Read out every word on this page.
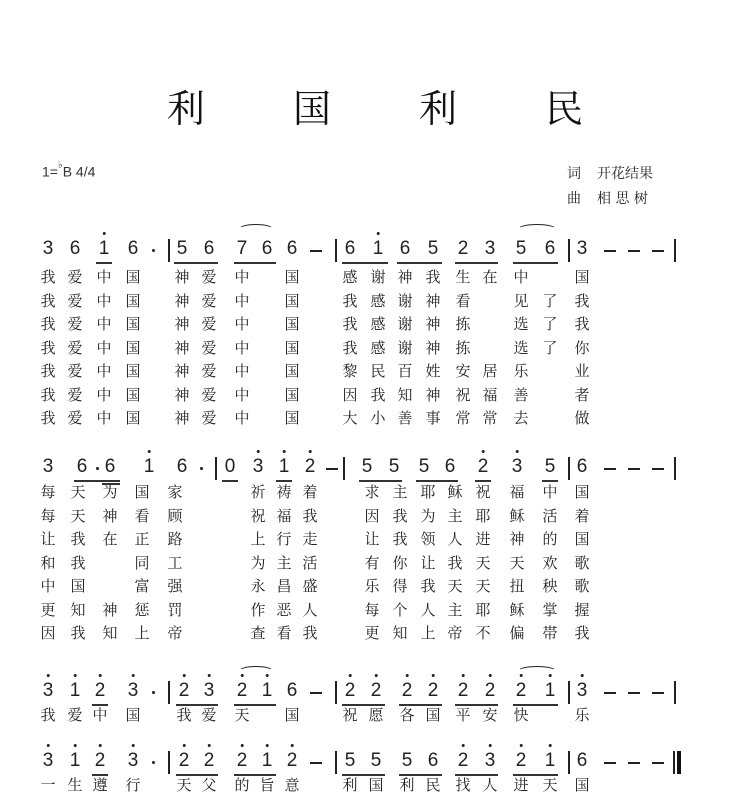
利 国 利 民
1=♭B 4/4	词 开花结果
曲 相 思 树
3 6 1 6 5 6 7 6 6 6 1 6 5 2 3 5 6 3
我 爱 中 国 神 爱 中 国	感 谢 神 我 生 在 中	国
我 爱 中 国 神 爱 中 国	我 感 谢 神 看	见 了 我
我 爱 中 国 神 爱 中 国	我 感 谢 神 拣	选 了 我
我 爱 中 国 神 爱 中 国	我 感 谢 神 拣	选 了 你
我 爱 中 国 神 爱 中 国	黎 民 百 姓 安 居 乐	业
我 爱 中 国 神 爱 中 国	因 我 知 神 祝 福 善	者
我 爱 中 国 神 爱 中 国	大 小 善 事 常 常 去	做
3 6 6 1 6 0 3 1 2 5 5 5 6 2 3 5 6
每 天 为 国 家	祈 祷 着	求 主 耶 稣 祝 福 中 国
每 天 神 看 顾	祝 福 我	因 我 为 主 耶 稣 活 着
让 我 在 正 路	上 行 走	让 我 领 人 进 神 的 国
和 我	同 工	为 主 活	有 你 让 我 天 天 欢 歌
中 国	富 强	永 昌 盛	乐 得 我 天 天 扭 秧 歌
更 知 神 惩 罚	作 恶 人	每 个 人 主 耶 稣 掌 握
因 我 知 上 帝	查 看 我	更 知 上 帝 不 偏 帯 我
3 1 2 3 2 3 2 1 6 2 2 2 2 2 2 2 1 3
我 爱 中 国 我 爱 天 国	祝 愿 各 国 平 安 快	乐
3 1 2 3 2 2 2 1 2 5 5 5 6 2 3 2 1 6
一 生 遵 行 天 父 的 旨 意	利 国 利 民 找 人 进 天 国
